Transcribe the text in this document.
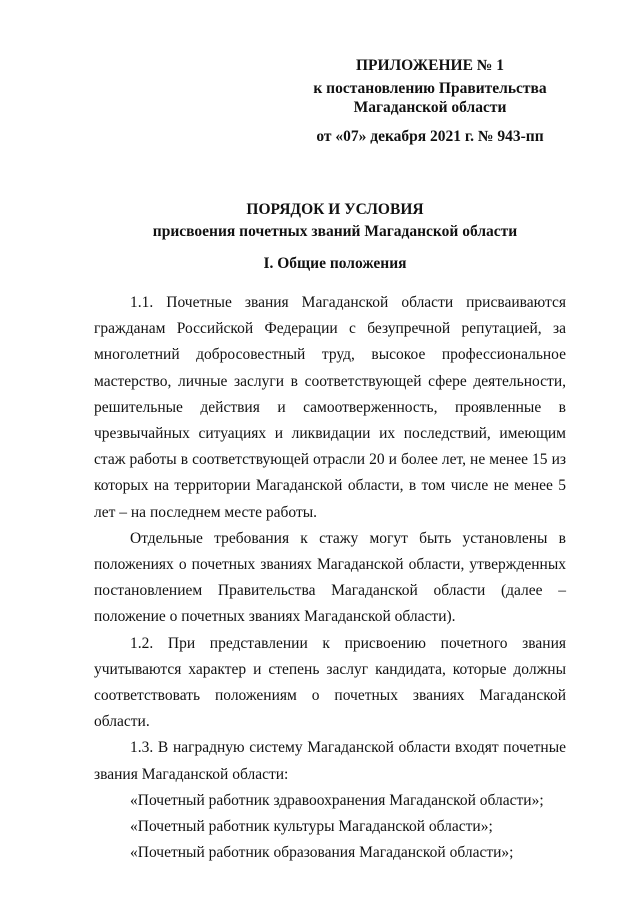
ПРИЛОЖЕНИЕ № 1
к постановлению Правительства
Магаданской области
от «07» декабря 2021 г. № 943-пп
ПОРЯДОК И УСЛОВИЯ
присвоения почетных званий Магаданской области
I. Общие положения

1.1. Почетные звания Магаданской области присваиваются гражданам Российской Федерации с безупречной репутацией, за многолетний добросовестный труд, высокое профессиональное мастерство, личные заслуги в соответствующей сфере деятельности, решительные действия и самоотверженность, проявленные в чрезвычайных ситуациях и ликвидации их последствий, имеющим стаж работы в соответствующей отрасли 20 и более лет, не менее 15 из которых на территории Магаданской области, в том числе не менее 5 лет – на последнем месте работы.

Отдельные требования к стажу могут быть установлены в положениях о почетных званиях Магаданской области, утвержденных постановлением Правительства Магаданской области (далее – положение о почетных званиях Магаданской области).

1.2. При представлении к присвоению почетного звания учитываются характер и степень заслуг кандидата, которые должны соответствовать положениям о почетных званиях Магаданской области.

1.3. В наградную систему Магаданской области входят почетные звания Магаданской области:

«Почетный работник здравоохранения Магаданской области»;

«Почетный работник культуры Магаданской области»;

«Почетный работник образования Магаданской области»;
